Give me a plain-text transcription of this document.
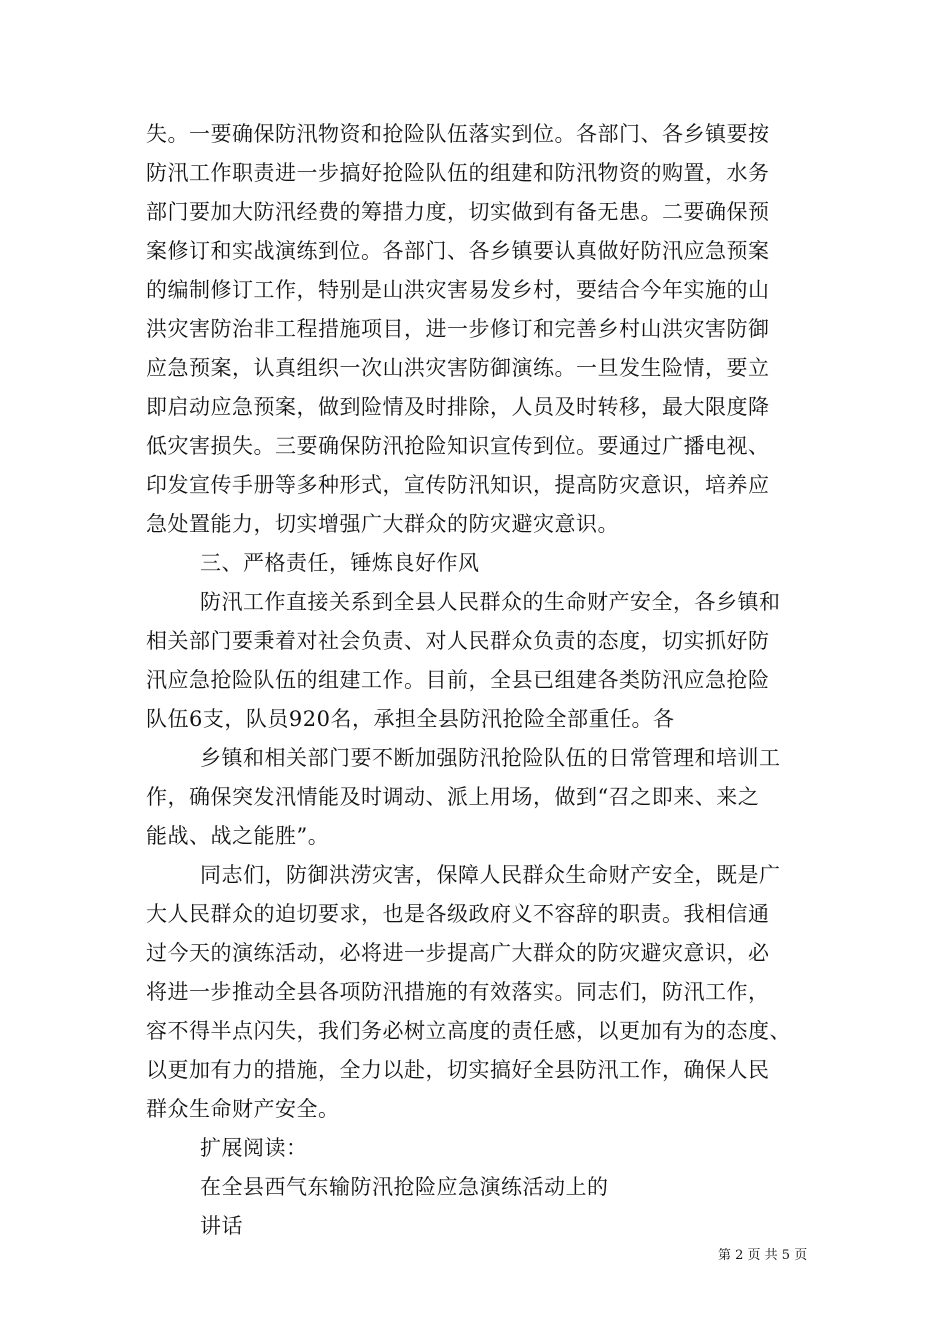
失。一要确保防汛物资和抢险队伍落实到位。各部门、各乡镇要按
防汛工作职责进一步搞好抢险队伍的组建和防汛物资的购置，水务
部门要加大防汛经费的筹措力度，切实做到有备无患。二要确保预
案修订和实战演练到位。各部门、各乡镇要认真做好防汛应急预案
的编制修订工作，特别是山洪灾害易发乡村，要结合今年实施的山
洪灾害防治非工程措施项目，进一步修订和完善乡村山洪灾害防御
应急预案，认真组织一次山洪灾害防御演练。一旦发生险情，要立
即启动应急预案，做到险情及时排除，人员及时转移，最大限度降
低灾害损失。三要确保防汛抢险知识宣传到位。要通过广播电视、
印发宣传手册等多种形式，宣传防汛知识，提高防灾意识，培养应
急处置能力，切实增强广大群众的防灾避灾意识。
三、严格责任，锤炼良好作风
防汛工作直接关系到全县人民群众的生命财产安全，各乡镇和
相关部门要秉着对社会负责、对人民群众负责的态度，切实抓好防
汛应急抢险队伍的组建工作。目前，全县已组建各类防汛应急抢险
队伍6支，队员920名，承担全县防汛抢险全部重任。各
乡镇和相关部门要不断加强防汛抢险队伍的日常管理和培训工
作，确保突发汛情能及时调动、派上用场，做到“召之即来、来之
能战、战之能胜”。
同志们，防御洪涝灾害，保障人民群众生命财产安全，既是广
大人民群众的迫切要求，也是各级政府义不容辞的职责。我相信通
过今天的演练活动，必将进一步提高广大群众的防灾避灾意识，必
将进一步推动全县各项防汛措施的有效落实。同志们，防汛工作，
容不得半点闪失，我们务必树立高度的责任感，以更加有为的态度、
以更加有力的措施，全力以赴，切实搞好全县防汛工作，确保人民
群众生命财产安全。
扩展阅读：
在全县西气东输防汛抢险应急演练活动上的
讲话
第 2 页 共 5 页
